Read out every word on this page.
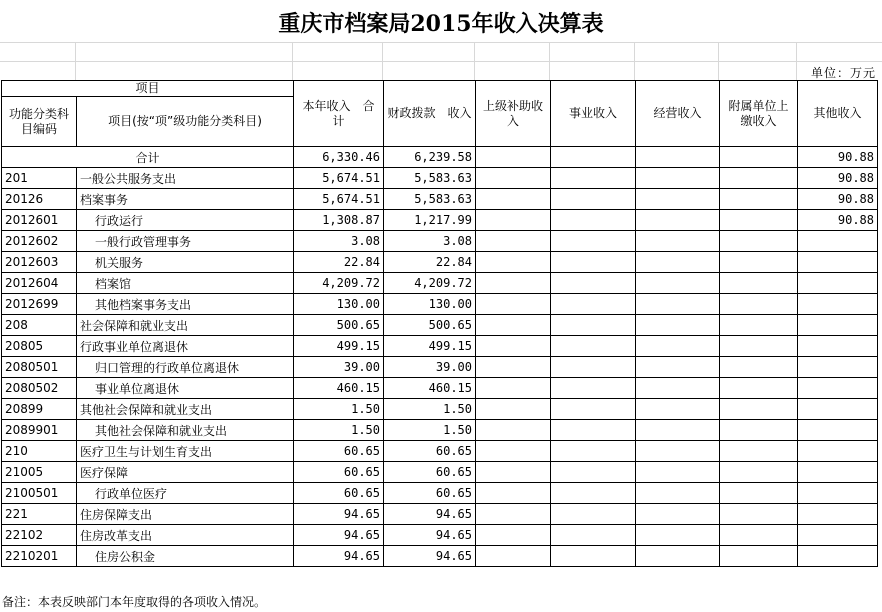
重庆市档案局2015年收入决算表
单位：万元
项目		本年收入　合计	财政拨款　收入	上级补助收入	事业收入	经营收入	附属单位上缴收入	其他收入
功能分类科目编码	项目(按“项”级功能分类科目)							
合计		6,330.46	6,239.58					90.88
201	一般公共服务支出	5,674.51	5,583.63					90.88
20126	档案事务	5,674.51	5,583.63					90.88
2012601	行政运行	1,308.87	1,217.99					90.88
2012602	一般行政管理事务	3.08	3.08					
2012603	机关服务	22.84	22.84					
2012604	档案馆	4,209.72	4,209.72					
2012699	其他档案事务支出	130.00	130.00					
208	社会保障和就业支出	500.65	500.65					
20805	行政事业单位离退休	499.15	499.15					
2080501	归口管理的行政单位离退休	39.00	39.00					
2080502	事业单位离退休	460.15	460.15					
20899	其他社会保障和就业支出	1.50	1.50					
2089901	其他社会保障和就业支出	1.50	1.50					
210	医疗卫生与计划生育支出	60.65	60.65					
21005	医疗保障	60.65	60.65					
2100501	行政单位医疗	60.65	60.65					
221	住房保障支出	94.65	94.65					
22102	住房改革支出	94.65	94.65					
2210201	住房公积金	94.65	94.65					
备注：本表反映部门本年度取得的各项收入情况。
